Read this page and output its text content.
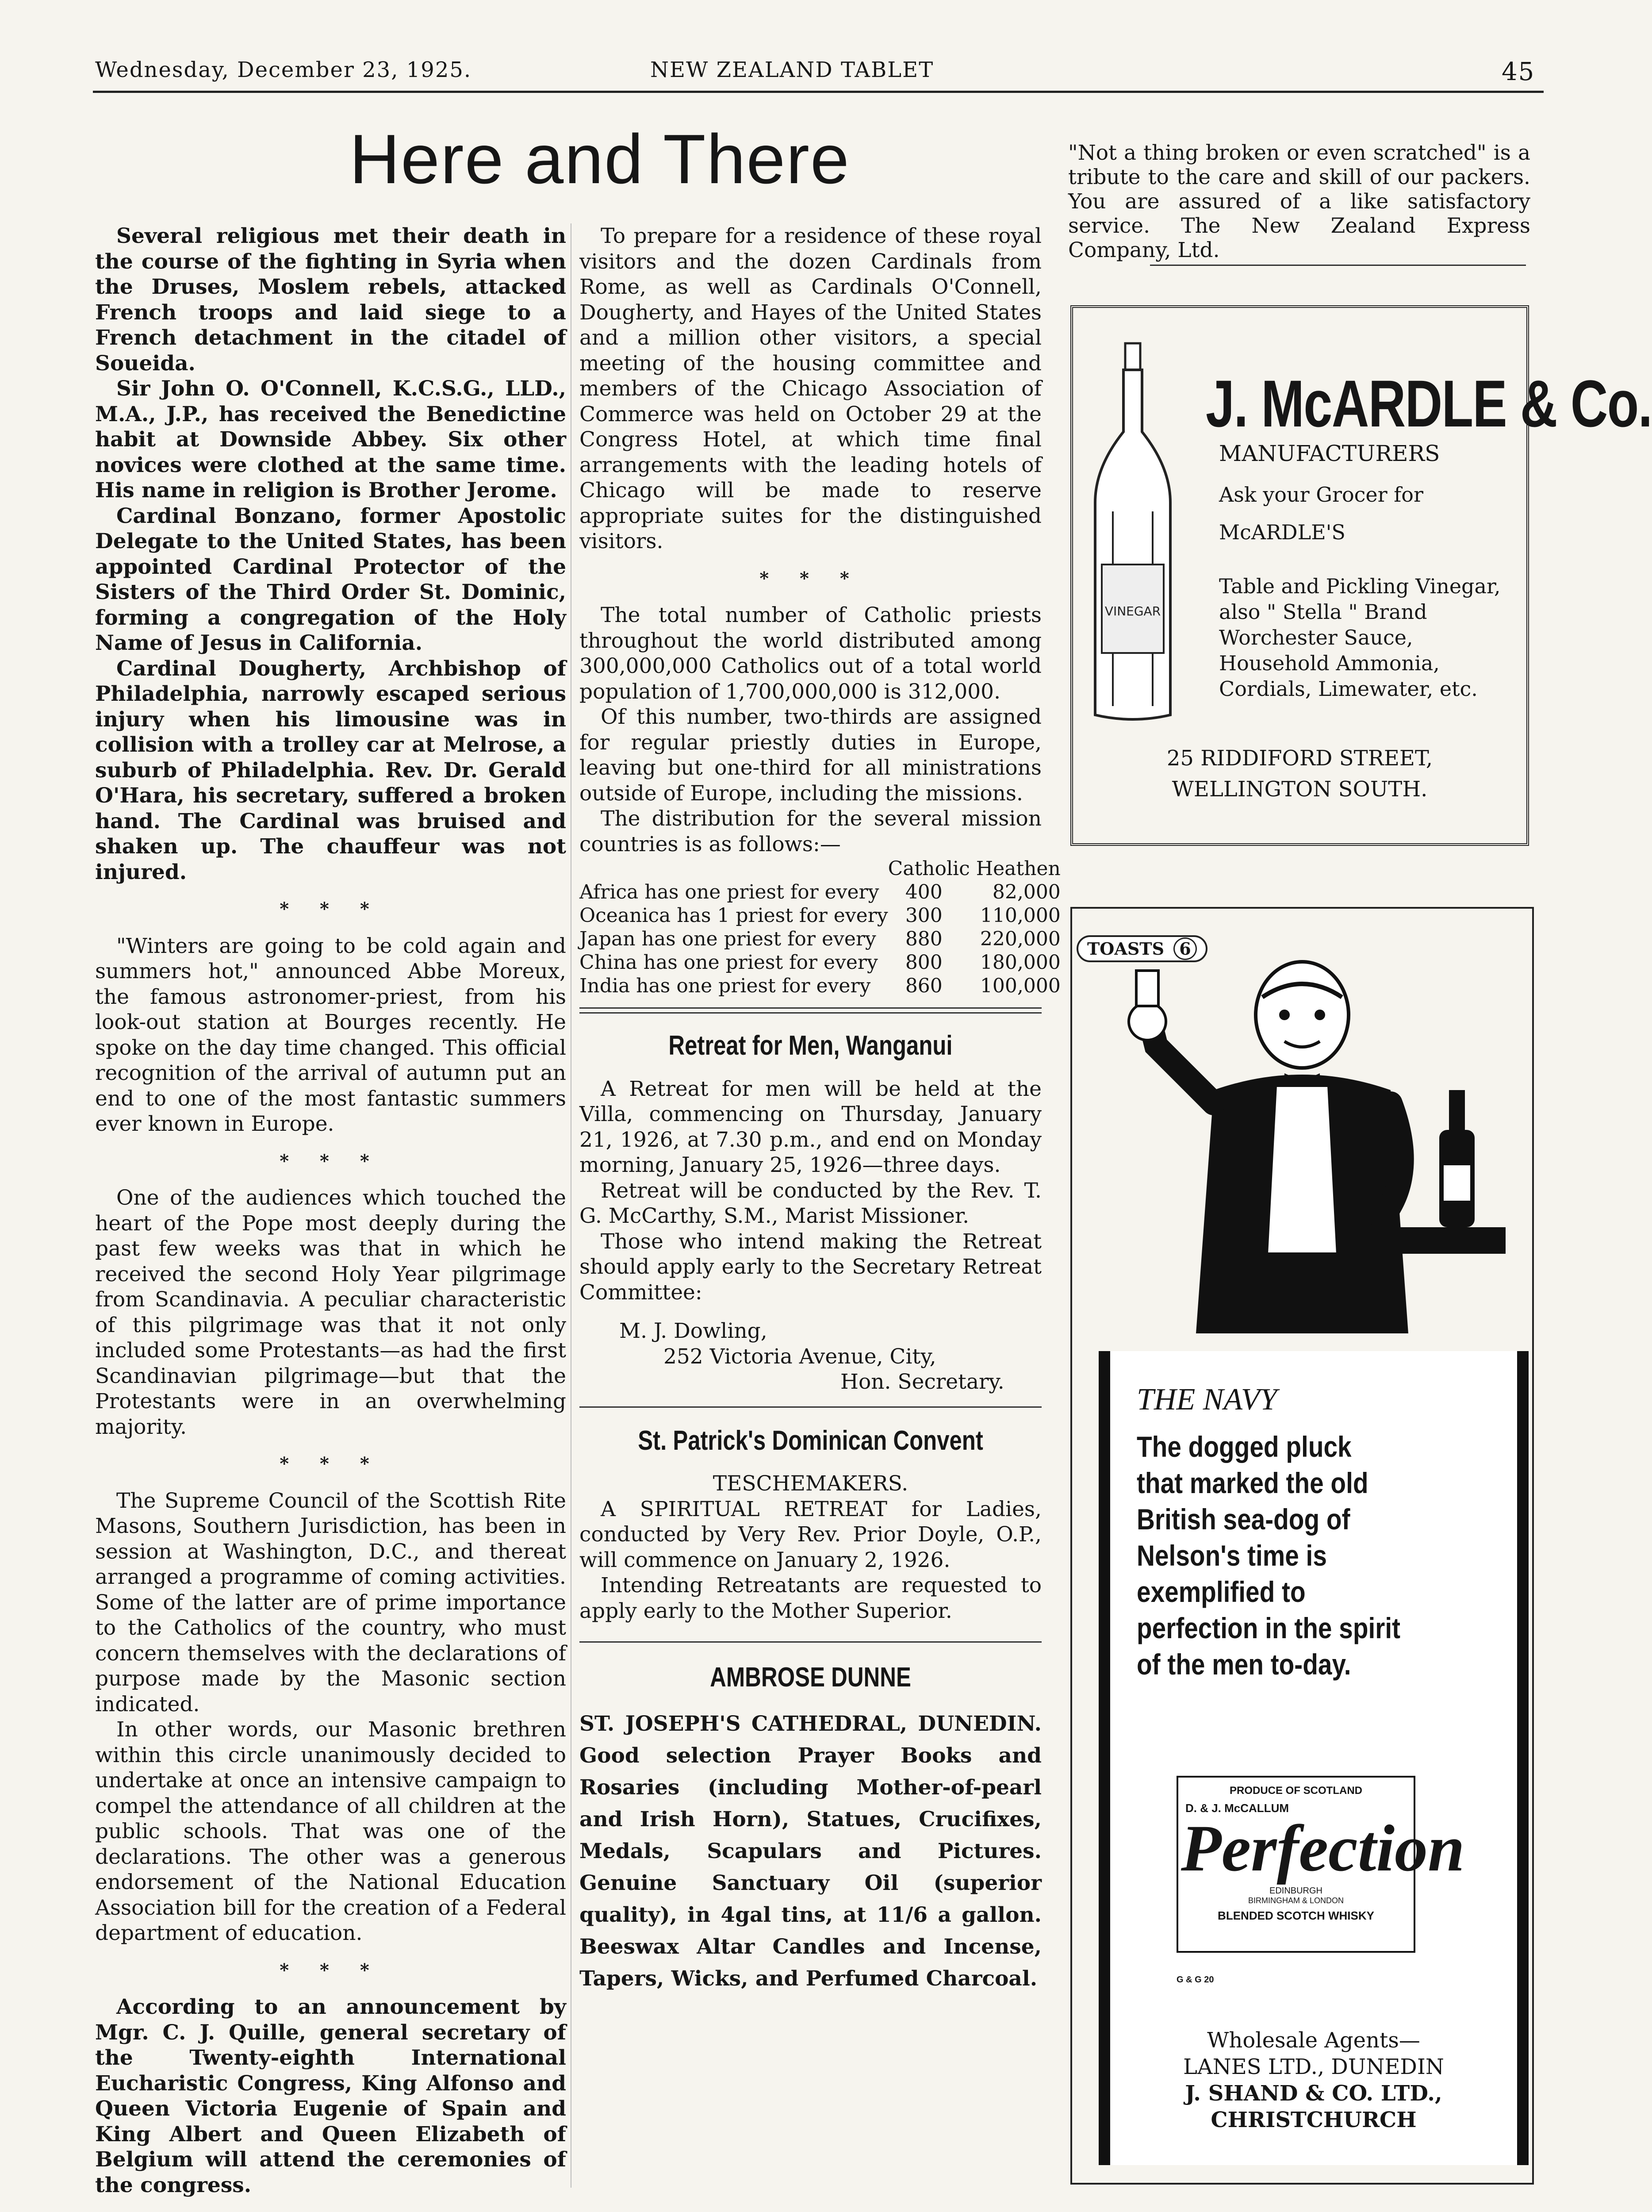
Wednesday, December 23, 1925.	NEW ZEALAND TABLET	45
Here and There

Several religious met their death in the course of the fighting in Syria when the Druses, Moslem rebels, attacked French troops and laid siege to a French detachment in the citadel of Soueida.

Sir John O. O'Connell, K.C.S.G., LLD., M.A., J.P., has received the Benedictine habit at Downside Abbey. Six other novices were clothed at the same time. His name in religion is Brother Jerome.

Cardinal Bonzano, former Apostolic Delegate to the United States, has been appointed Cardinal Protector of the Sisters of the Third Order St. Dominic, forming a congregation of the Holy Name of Jesus in California.

Cardinal Dougherty, Archbishop of Philadelphia, narrowly escaped serious injury when his limousine was in collision with a trolley car at Melrose, a suburb of Philadelphia. Rev. Dr. Gerald O'Hara, his secretary, suffered a broken hand. The Cardinal was bruised and shaken up. The chauffeur was not injured.

* * *

"Winters are going to be cold again and summers hot," announced Abbe Moreux, the famous astronomer-priest, from his look-out station at Bourges recently. He spoke on the day time changed. This official recognition of the arrival of autumn put an end to one of the most fantastic summers ever known in Europe.

* * *

One of the audiences which touched the heart of the Pope most deeply during the past few weeks was that in which he received the second Holy Year pilgrimage from Scandinavia. A peculiar characteristic of this pilgrimage was that it not only included some Protestants—as had the first Scandinavian pilgrimage—but that the Protestants were in an overwhelming majority.

* * *

The Supreme Council of the Scottish Rite Masons, Southern Jurisdiction, has been in session at Washington, D.C., and thereat arranged a programme of coming activities. Some of the latter are of prime importance to the Catholics of the country, who must concern themselves with the declarations of purpose made by the Masonic section indicated.

In other words, our Masonic brethren within this circle unanimously decided to undertake at once an intensive campaign to compel the attendance of all children at the public schools. That was one of the declarations. The other was a generous endorsement of the National Education Association bill for the creation of a Federal department of education.

* * *

According to an announcement by Mgr. C. J. Quille, general secretary of the Twenty-eighth International Eucharistic Congress, King Alfonso and Queen Victoria Eugenie of Spain and King Albert and Queen Elizabeth of Belgium will attend the ceremonies of the congress.

To prepare for a residence of these royal visitors and the dozen Cardinals from Rome, as well as Cardinals O'Connell, Dougherty, and Hayes of the United States and a million other visitors, a special meeting of the housing committee and members of the Chicago Association of Commerce was held on October 29 at the Congress Hotel, at which time final arrangements with the leading hotels of Chicago will be made to reserve appropriate suites for the distinguished visitors.

* * *

The total number of Catholic priests throughout the world distributed among 300,000,000 Catholics out of a total world population of 1,700,000,000 is 312,000.

Of this number, two-thirds are assigned for regular priestly duties in Europe, leaving but one-third for all ministrations outside of Europe, including the missions.

The distribution for the several mission countries is as follows:—

	Catholic Heathen	
Africa has one priest for every	400	82,000
Oceanica has 1 priest for every	300	110,000
Japan has one priest for every	880	220,000
China has one priest for every	800	180,000
India has one priest for every	860	100,000
Retreat for Men, Wanganui

A Retreat for men will be held at the Villa, commencing on Thursday, January 21, 1926, at 7.30 p.m., and end on Monday morning, January 25, 1926—three days.

Retreat will be conducted by the Rev. T. G. McCarthy, S.M., Marist Missioner.

Those who intend making the Retreat should apply early to the Secretary Retreat Committee:

M. J. Dowling,
252 Victoria Avenue, City,
Hon. Secretary.
St. Patrick's Dominican Convent
TESCHEMAKERS.

A SPIRITUAL RETREAT for Ladies, conducted by Very Rev. Prior Doyle, O.P., will commence on January 2, 1926.

Intending Retreatants are requested to apply early to the Mother Superior.

AMBROSE DUNNE

ST. JOSEPH'S CATHEDRAL, DUNEDIN. Good selection Prayer Books and Rosaries (including Mother-of-pearl and Irish Horn), Statues, Crucifixes, Medals, Scapulars and Pictures. Genuine Sanctuary Oil (superior quality), in 4gal tins, at 11/6 a gallon. Beeswax Altar Candles and Incense, Tapers, Wicks, and Perfumed Charcoal.

"Not a thing broken or even scratched" is a tribute to the care and skill of our packers. You are assured of a like satisfactory service. The New Zealand Express Company, Ltd.
VINEGAR
J. McARDLE & Co.
MANUFACTURERS
Ask your Grocer for
McARDLE'S
Table and Pickling Vinegar, also " Stella " Brand Worchester Sauce, Household Ammonia, Cordials, Limewater, etc.
25 RIDDIFORD STREET,
WELLINGTON SOUTH.
TOASTS 6
THE NAVY
The dogged pluck that marked the old British sea-dog of Nelson's time is exemplified to perfection in the spirit of the men to-day.
PRODUCE OF SCOTLAND
D. & J. McCALLUM
Perfection
EDINBURGH
BIRMINGHAM & LONDON
BLENDED SCOTCH WHISKY
G & G 20
Wholesale Agents—
LANES LTD., DUNEDIN
J. SHAND & CO. LTD.,
CHRISTCHURCH
